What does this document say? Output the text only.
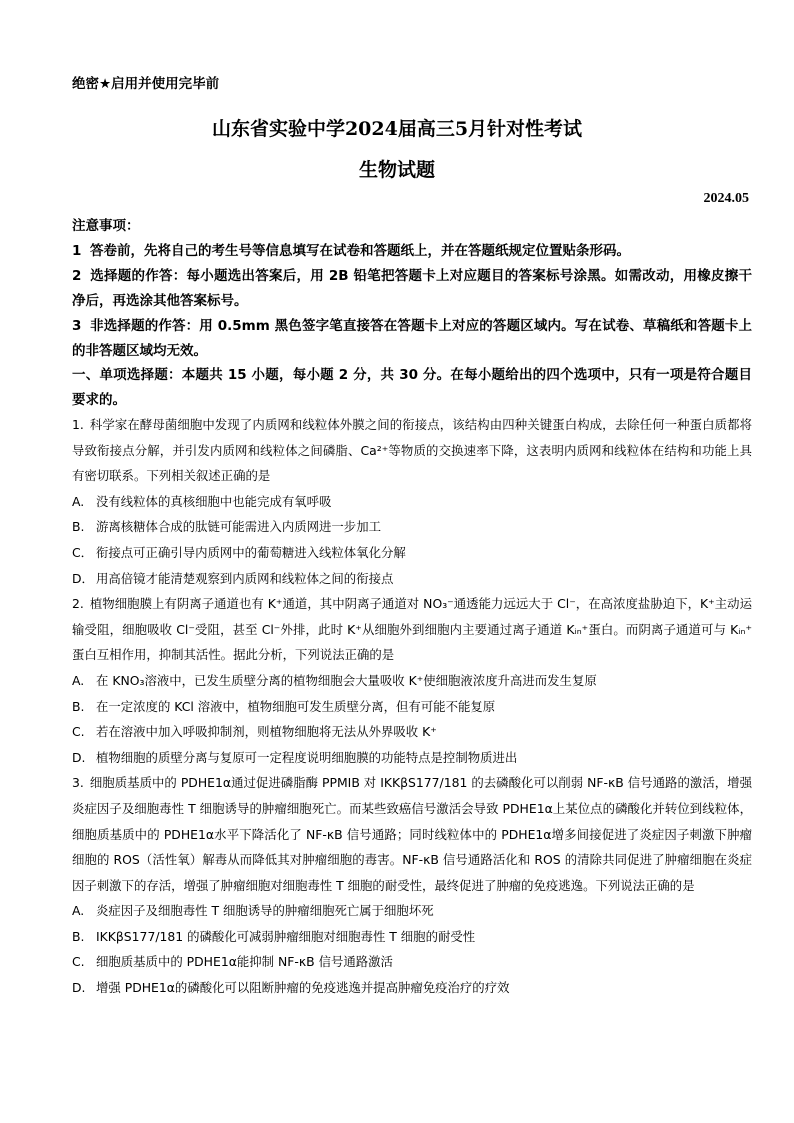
绝密★启用并使用完毕前
山东省实验中学2024届高三5月针对性考试
生物试题
2024.05

注意事项：

1 答卷前，先将自己的考生号等信息填写在试卷和答题纸上，并在答题纸规定位置贴条形码。

2 选择题的作答：每小题选出答案后，用 2B 铅笔把答题卡上对应题目的答案标号涂黑。如需改动，用橡皮擦干净后，再选涂其他答案标号。

3 非选择题的作答：用 0.5mm 黑色签字笔直接答在答题卡上对应的答题区域内。写在试卷、草稿纸和答题卡上的非答题区域均无效。

一、单项选择题：本题共 15 小题，每小题 2 分，共 30 分。在每小题给出的四个选项中，只有一项是符合题目要求的。

1. 科学家在酵母菌细胞中发现了内质网和线粒体外膜之间的衔接点，该结构由四种关键蛋白构成，去除任何一种蛋白质都将导致衔接点分解，并引发内质网和线粒体之间磷脂、Ca²⁺等物质的交换速率下降，这表明内质网和线粒体在结构和功能上具有密切联系。下列相关叙述正确的是

A. 没有线粒体的真核细胞中也能完成有氧呼吸

B. 游离核糖体合成的肽链可能需进入内质网进一步加工

C． 衔接点可正确引导内质网中的葡萄糖进入线粒体氧化分解

D． 用高倍镜才能清楚观察到内质网和线粒体之间的衔接点

2. 植物细胞膜上有阴离子通道也有 K⁺通道，其中阴离子通道对 NO₃⁻通透能力远远大于 Cl⁻，在高浓度盐胁迫下，K⁺主动运输受阻，细胞吸收 Cl⁻受阻，甚至 Cl⁻外排，此时 K⁺从细胞外到细胞内主要通过离子通道 Kᵢₙ⁺蛋白。而阴离子通道可与 Kᵢₙ⁺蛋白互相作用，抑制其活性。据此分析，下列说法正确的是

A. 在 KNO₃溶液中，已发生质壁分离的植物细胞会大量吸收 K⁺使细胞液浓度升高进而发生复原

B. 在一定浓度的 KCl 溶液中，植物细胞可发生质壁分离，但有可能不能复原

C. 若在溶液中加入呼吸抑制剂，则植物细胞将无法从外界吸收 K⁺

D. 植物细胞的质壁分离与复原可一定程度说明细胞膜的功能特点是控制物质进出

3. 细胞质基质中的 PDHE1α通过促进磷脂酶 PPMIB 对 IKKβS177/181 的去磷酸化可以削弱 NF-κB 信号通路的激活，增强炎症因子及细胞毒性 T 细胞诱导的肿瘤细胞死亡。而某些致癌信号激活会导致 PDHE1α上某位点的磷酸化并转位到线粒体，细胞质基质中的 PDHE1α水平下降活化了 NF-κB 信号通路；同时线粒体中的 PDHE1α增多间接促进了炎症因子刺激下肿瘤细胞的 ROS（活性氧）解毒从而降低其对肿瘤细胞的毒害。NF-κB 信号通路活化和 ROS 的清除共同促进了肿瘤细胞在炎症因子刺激下的存活，增强了肿瘤细胞对细胞毒性 T 细胞的耐受性，最终促进了肿瘤的免疫逃逸。下列说法正确的是

A. 炎症因子及细胞毒性 T 细胞诱导的肿瘤细胞死亡属于细胞坏死

B. IKKβS177/181 的磷酸化可减弱肿瘤细胞对细胞毒性 T 细胞的耐受性

C. 细胞质基质中的 PDHE1α能抑制 NF-κB 信号通路激活

D. 增强 PDHE1α的磷酸化可以阻断肿瘤的免疫逃逸并提高肿瘤免疫治疗的疗效
